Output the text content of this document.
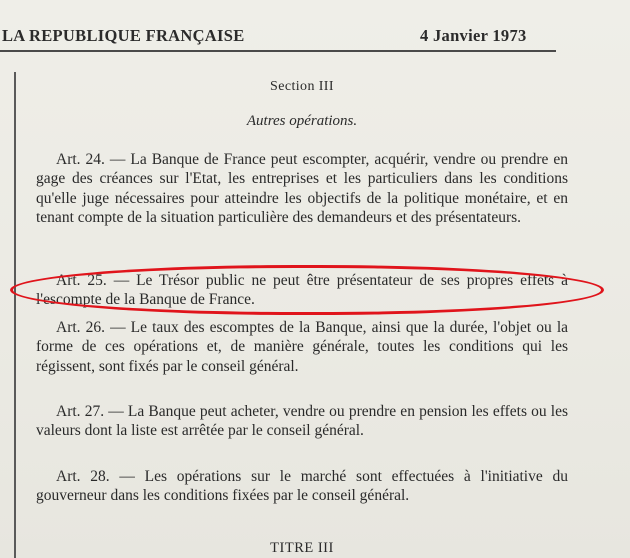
LA REPUBLIQUE FRANÇAISE	4 Janvier 1973
Section III
Autres opérations.
Art. 24. — La Banque de France peut escompter, acquérir, vendre ou prendre en gage des créances sur l'Etat, les entreprises et les particuliers dans les conditions qu'elle juge nécessaires pour atteindre les objectifs de la politique monétaire, et en tenant compte de la situation particulière des demandeurs et des présentateurs.
Art. 25. — Le Trésor public ne peut être présentateur de ses propres effets à l'escompte de la Banque de France.
Art. 26. — Le taux des escomptes de la Banque, ainsi que la durée, l'objet ou la forme de ces opérations et, de manière générale, toutes les conditions qui les régissent, sont fixés par le conseil général.
Art. 27. — La Banque peut acheter, vendre ou prendre en pension les effets ou les valeurs dont la liste est arrêtée par le conseil général.
Art. 28. — Les opérations sur le marché sont effectuées à l'initiative du gouverneur dans les conditions fixées par le conseil général.
TITRE III
